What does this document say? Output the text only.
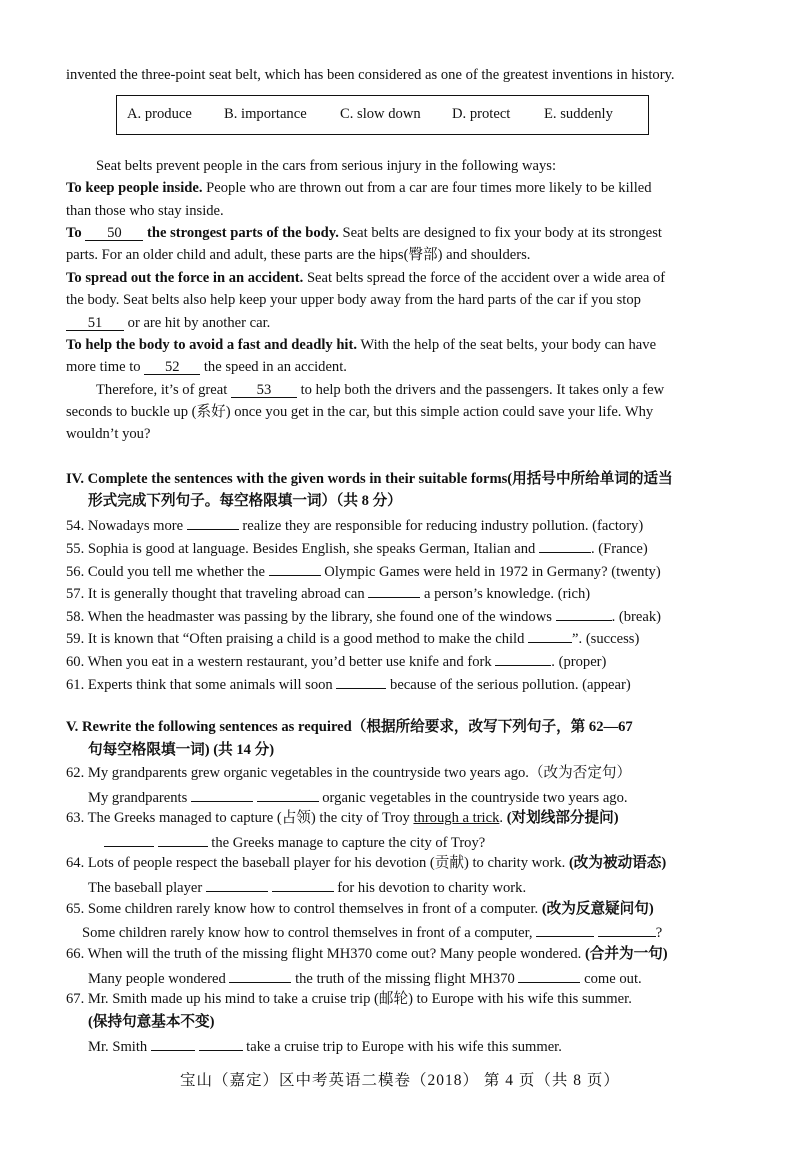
invented the three-point seat belt, which has been considered as one of the greatest inventions in history.
A. produce B. importance C. slow down D. protect E. suddenly
Seat belts prevent people in the cars from serious injury in the following ways:
To keep people inside. People who are thrown out from a car are four times more likely to be killed
than those who stay inside.
To 50 the strongest parts of the body. Seat belts are designed to fix your body at its strongest
parts. For an older child and adult, these parts are the hips(臀部) and shoulders.
To spread out the force in an accident. Seat belts spread the force of the accident over a wide area of
the body. Seat belts also help keep your upper body away from the hard parts of the car if you stop
51 or are hit by another car.
To help the body to avoid a fast and deadly hit. With the help of the seat belts, your body can have
more time to 52 the speed in an accident.
Therefore, it’s of great 53 to help both the drivers and the passengers. It takes only a few
seconds to buckle up (系好) once you get in the car, but this simple action could save your life. Why
wouldn’t you?
IV. Complete the sentences with the given words in their suitable forms(用括号中所给单词的适当
形式完成下列句子。每空格限填一词）（共 8 分）
54. Nowadays more	realize they are responsible for reducing industry pollution. (factory)
55. Sophia is good at language. Besides English, she speaks German, Italian and	. (France)
56. Could you tell me whether the	Olympic Games were held in 1972 in Germany? (twenty)
57. It is generally thought that traveling abroad can	a person’s knowledge. (rich)
58. When the headmaster was passing by the library, she found one of the windows	. (break)
59. It is known that “Often praising a child is a good method to make the child	”. (success)
60. When you eat in a western restaurant, you’d better use knife and fork	. (proper)
61. Experts think that some animals will soon	because of the serious pollution. (appear)
V. Rewrite the following sentences as required（根据所给要求，改写下列句子，第 62—67
句每空格限填一词) (共 14 分)
62. My grandparents grew organic vegetables in the countryside two years ago.（改为否定句）
My grandparents	organic vegetables in the countryside two years ago.
63. The Greeks managed to capture (占领) the city of Troy through a trick. (对划线部分提问)
the Greeks manage to capture the city of Troy?
64. Lots of people respect the baseball player for his devotion (贡献) to charity work. (改为被动语态)
The baseball player	for his devotion to charity work.
65. Some children rarely know how to control themselves in front of a computer. (改为反意疑问句)
Some children rarely know how to control themselves in front of a computer,	?
66. When will the truth of the missing flight MH370 come out? Many people wondered. (合并为一句)
Many people wondered	the truth of the missing flight MH370	come out.
67. Mr. Smith made up his mind to take a cruise trip (邮轮) to Europe with his wife this summer.
(保持句意基本不变)
Mr. Smith	take a cruise trip to Europe with his wife this summer.
宝山（嘉定）区中考英语二模卷（2018） 第 4 页（共 8 页）
